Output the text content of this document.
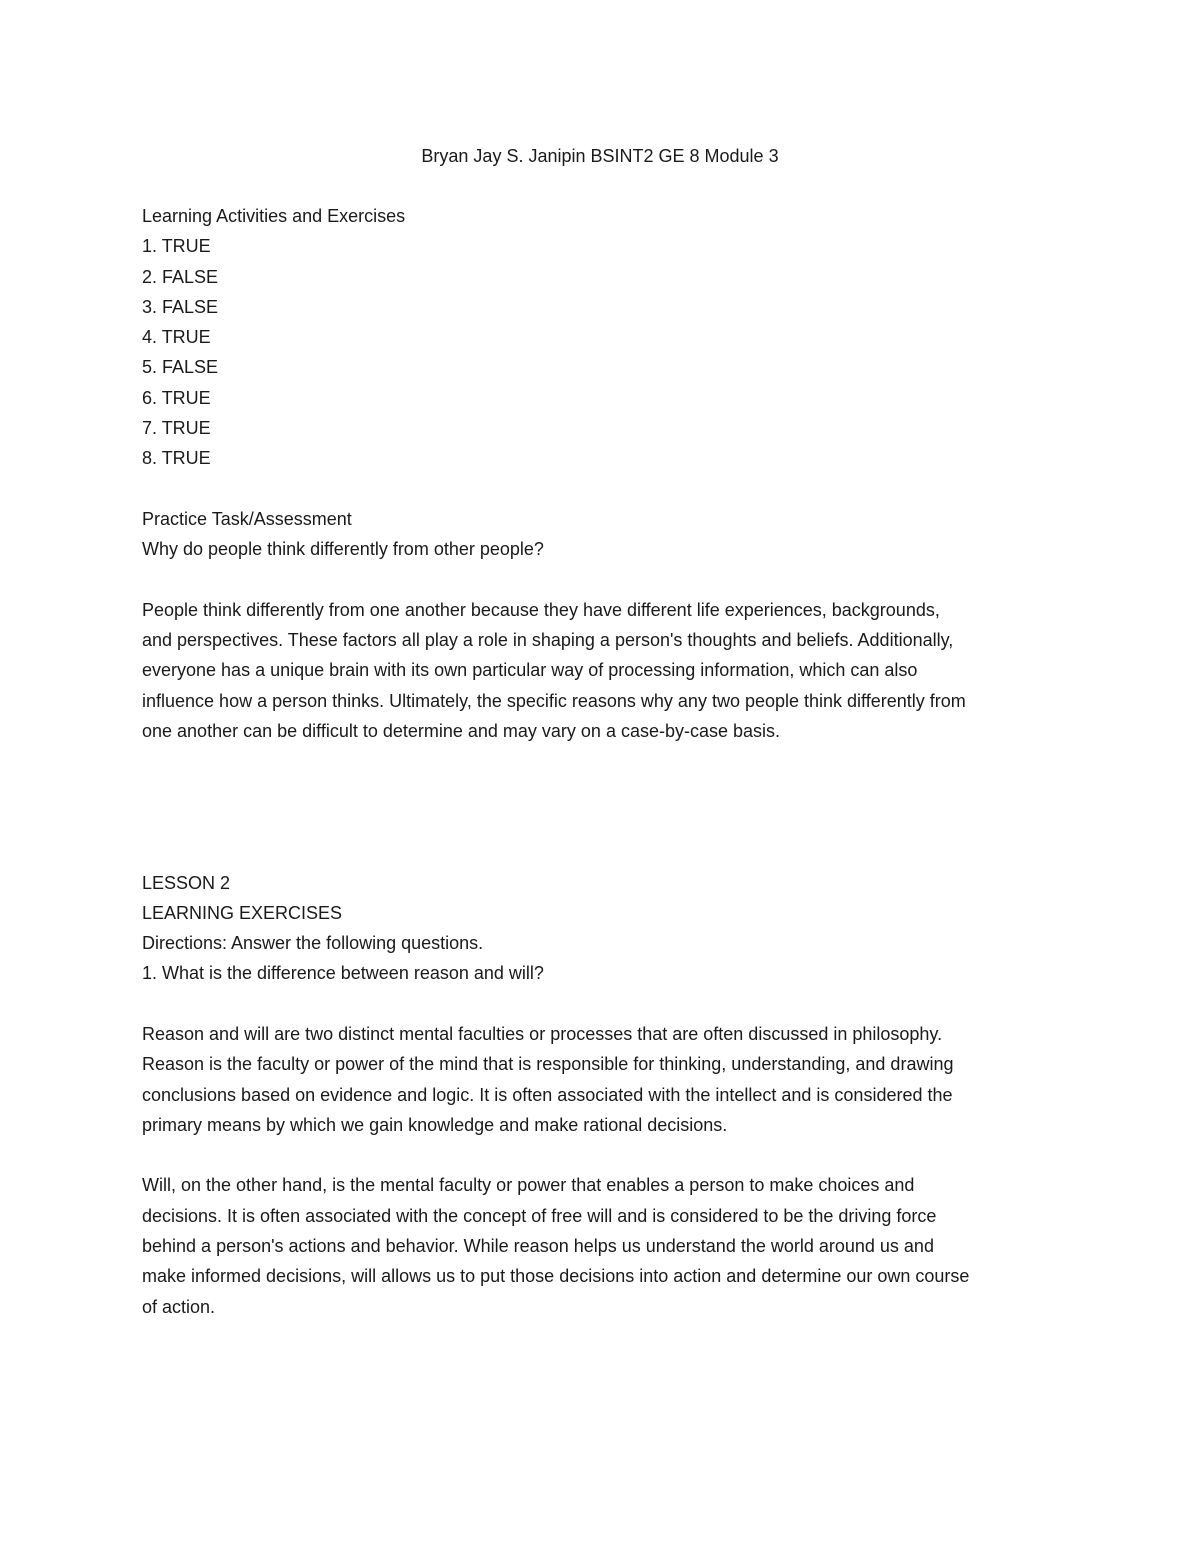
Bryan Jay S. Janipin BSINT2 GE 8 Module 3
Learning Activities and Exercises
1. TRUE
2. FALSE
3. FALSE
4. TRUE
5. FALSE
6. TRUE
7. TRUE
8. TRUE
Practice Task/Assessment
Why do people think differently from other people?
People think differently from one another because they have different life experiences, backgrounds,
and perspectives. These factors all play a role in shaping a person's thoughts and beliefs. Additionally,
everyone has a unique brain with its own particular way of processing information, which can also
influence how a person thinks. Ultimately, the specific reasons why any two people think differently from
one another can be difficult to determine and may vary on a case-by-case basis.
LESSON 2
LEARNING EXERCISES
Directions: Answer the following questions.
1. What is the difference between reason and will?
Reason and will are two distinct mental faculties or processes that are often discussed in philosophy.
Reason is the faculty or power of the mind that is responsible for thinking, understanding, and drawing
conclusions based on evidence and logic. It is often associated with the intellect and is considered the
primary means by which we gain knowledge and make rational decisions.
Will, on the other hand, is the mental faculty or power that enables a person to make choices and
decisions. It is often associated with the concept of free will and is considered to be the driving force
behind a person's actions and behavior. While reason helps us understand the world around us and
make informed decisions, will allows us to put those decisions into action and determine our own course
of action.
